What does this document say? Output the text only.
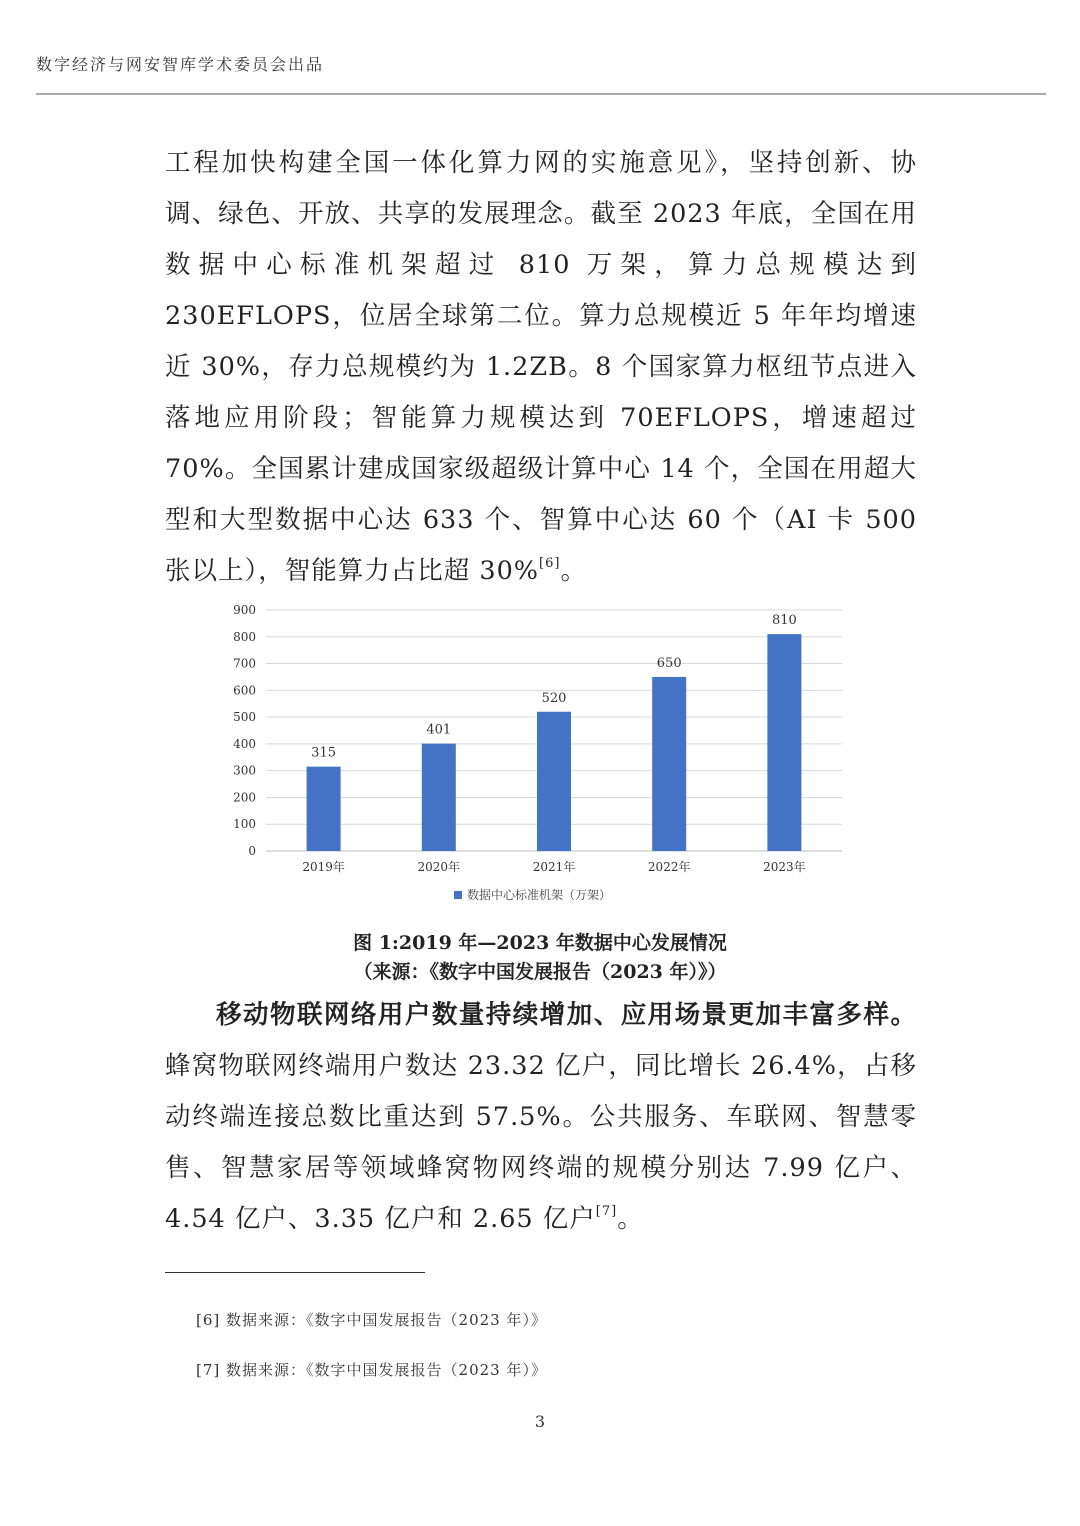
数字经济与网安智库学术委员会出品

工程加快构建全国一体化算力网的实施意见》，坚持创新、协调、绿色、开放、共享的发展理念。截至 2023 年底，全国在用数据中心标准机架超过 810 万架，算力总规模达到 230EFLOPS，位居全球第二位。算力总规模近 5 年年均增速近 30%，存力总规模约为 1.2ZB。8 个国家算力枢纽节点进入落地应用阶段；智能算力规模达到 70EFLOPS，增速超过 70%。全国累计建成国家级超级计算中心 14 个，全国在用超大型和大型数据中心达 633 个、智算中心达 60 个（AI 卡 500 张以上），智能算力占比超 30%[6]。

0
100
200
300
400
500
600
700
800
900
315
2019年
401
2020年
520
2021年
650
2022年
810
2023年
数据中心标准机架（万架）
图 1:2019 年—2023 年数据中心发展情况
（来源：《数字中国发展报告（2023 年）》）
移动物联网络用户数量持续增加、应用场景更加丰富多样。蜂窝物联网终端用户数达 23.32 亿户，同比增长 26.4%，占移动终端连接总数比重达到 57.5%。公共服务、车联网、智慧零售、智慧家居等领域蜂窝物网终端的规模分别达 7.99 亿户、4.54 亿户、3.35 亿户和 2.65 亿户[7]。
[6] 数据来源：《数字中国发展报告（2023 年）》
[7] 数据来源：《数字中国发展报告（2023 年）》
3
